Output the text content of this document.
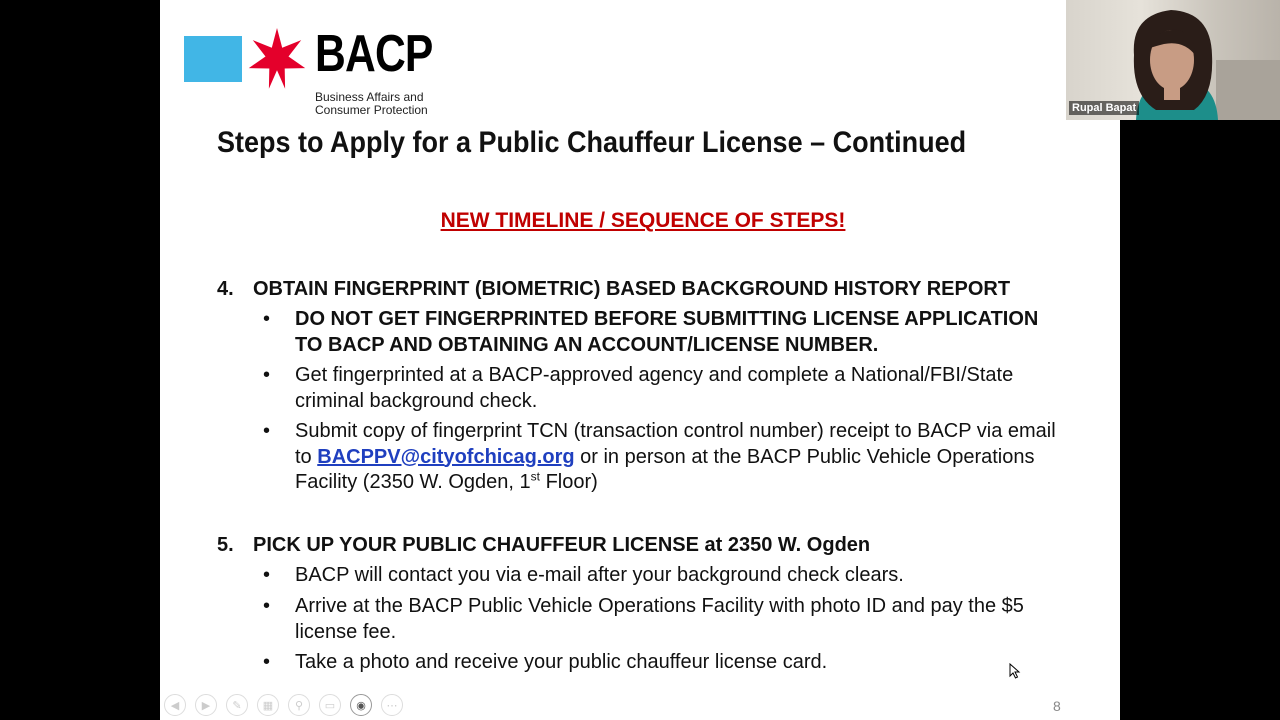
BACP
Business Affairs and
Consumer Protection
Steps to Apply for a Public Chauffeur License – Continued
NEW TIMELINE / SEQUENCE OF STEPS!
4. OBTAIN FINGERPRINT (BIOMETRIC) BASED BACKGROUND HISTORY REPORT
• DO NOT GET FINGERPRINTED BEFORE SUBMITTING LICENSE APPLICATION TO BACP AND OBTAINING AN ACCOUNT/LICENSE NUMBER.
• Get fingerprinted at a BACP-approved agency and complete a National/FBI/State criminal background check.
• Submit copy of fingerprint TCN (transaction control number) receipt to BACP via email to BACPPV@cityofchicag.org or in person at the BACP Public Vehicle Operations Facility (2350 W. Ogden, 1st Floor)
5. PICK UP YOUR PUBLIC CHAUFFEUR LICENSE at 2350 W. Ogden
• BACP will contact you via e-mail after your background check clears.
• Arrive at the BACP Public Vehicle Operations Facility with photo ID and pay the $5 license fee.
• Take a photo and receive your public chauffeur license card.
8
◀	▶	✎	▦	⚲	▭	◉	⋯
Rupal Bapat
